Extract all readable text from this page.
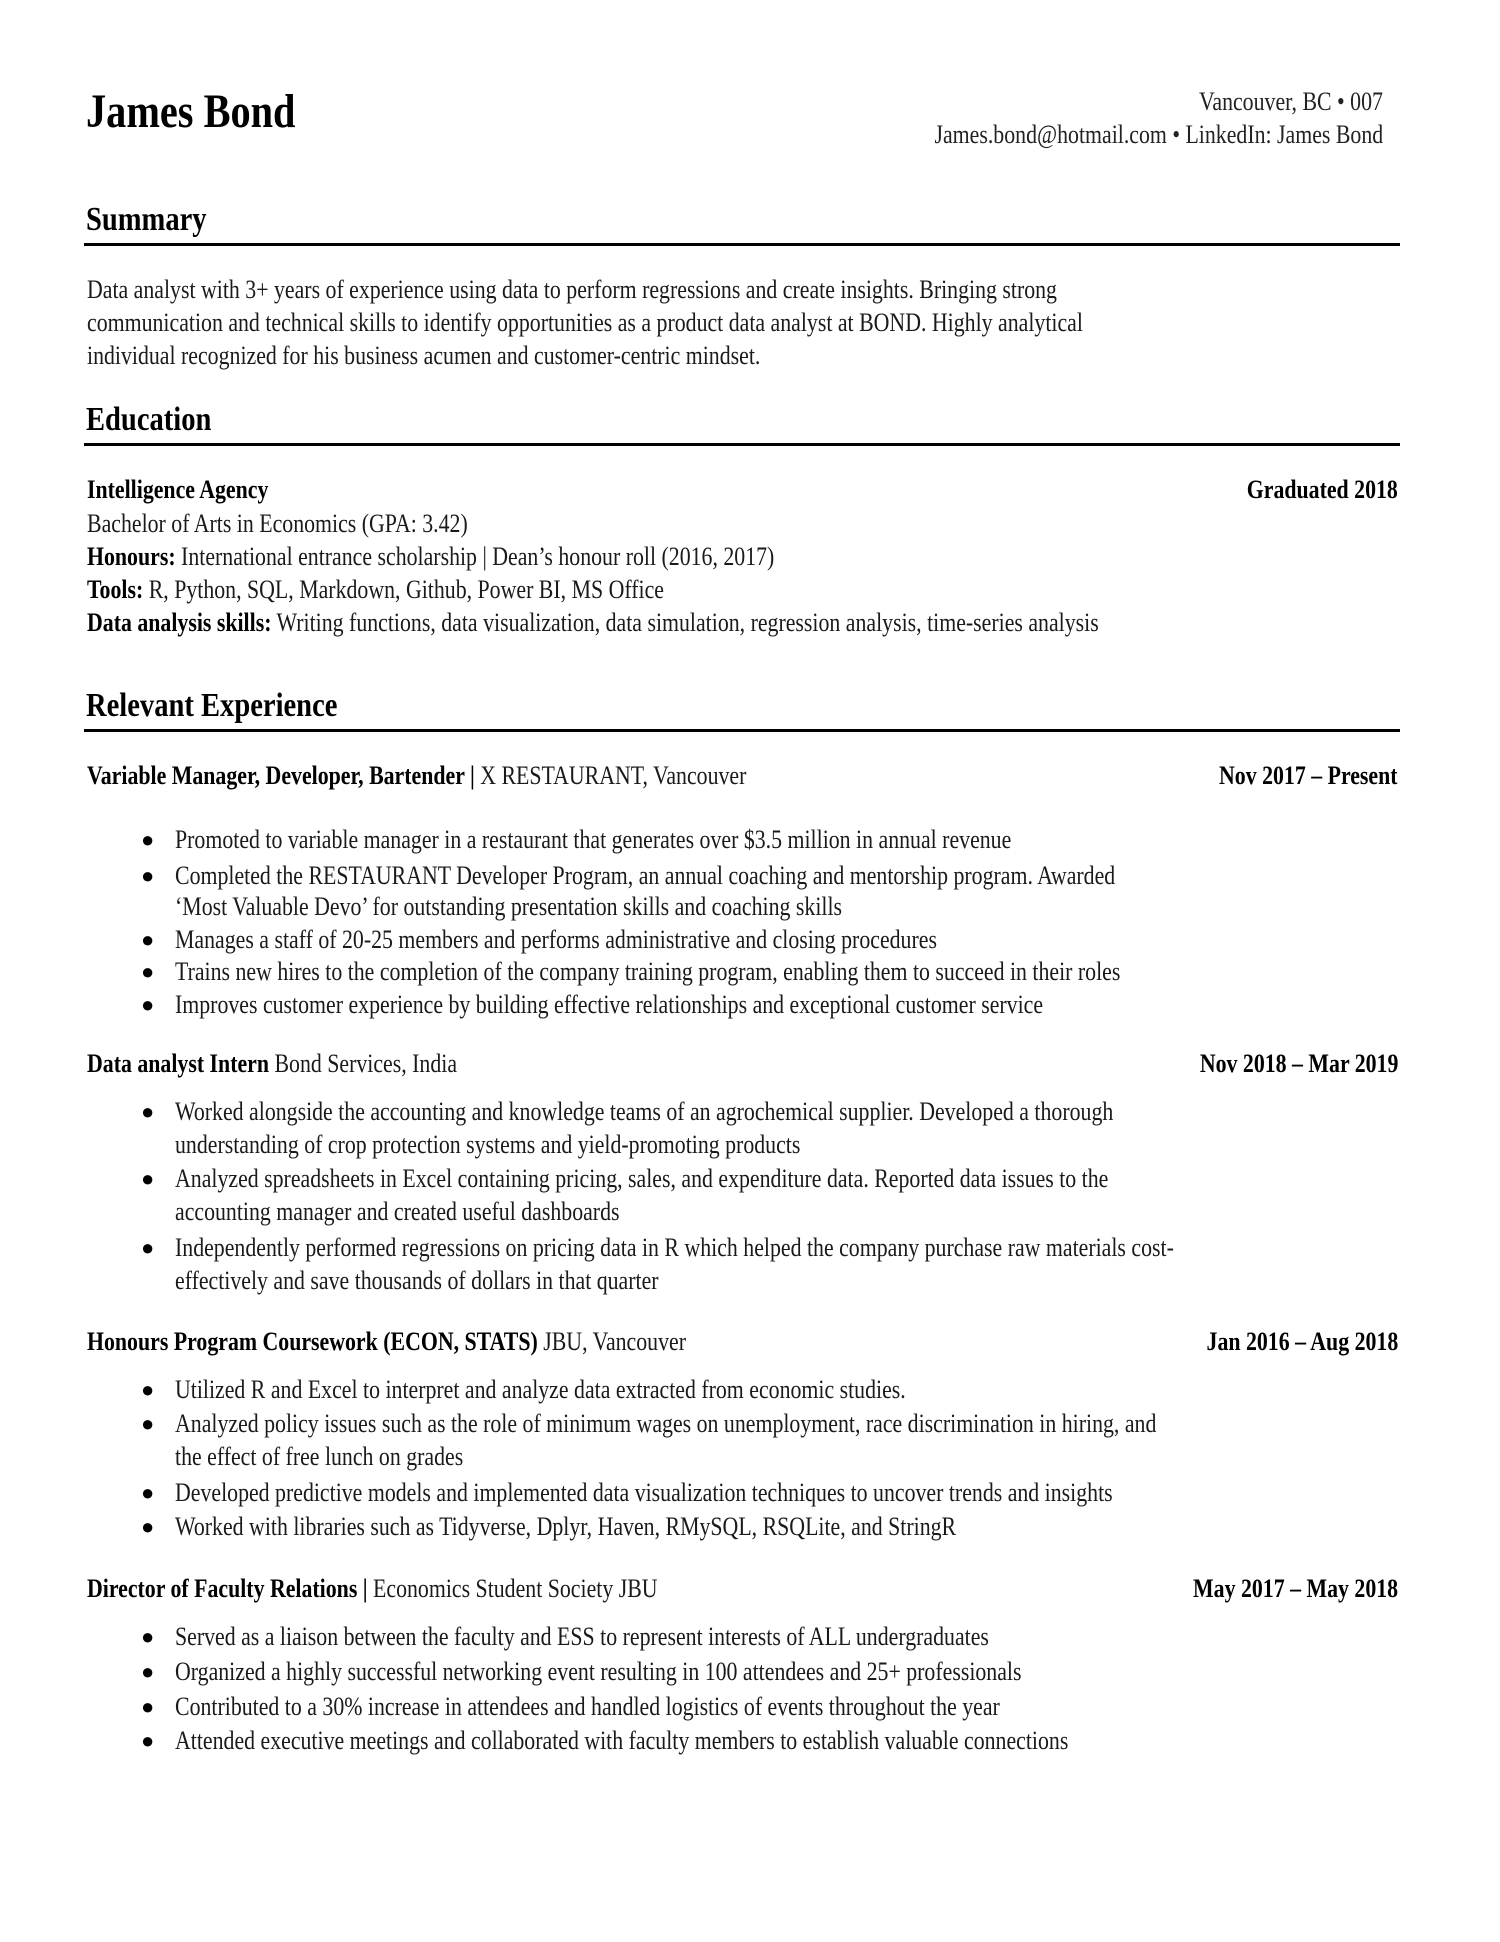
James Bond	Vancouver, BC • 007
James.bond@hotmail.com • LinkedIn: James Bond
Summary
Data analyst with 3+ years of experience using data to perform regressions and create insights. Bringing strong
communication and technical skills to identify opportunities as a product data analyst at BOND. Highly analytical
individual recognized for his business acumen and customer-centric mindset.
Education
Intelligence Agency	Graduated 2018
Bachelor of Arts in Economics (GPA: 3.42)
Honours: International entrance scholarship | Dean’s honour roll (2016, 2017)
Tools: R, Python, SQL, Markdown, Github, Power BI, MS Office
Data analysis skills: Writing functions, data visualization, data simulation, regression analysis, time-series analysis
Relevant Experience
Variable Manager, Developer, Bartender | X RESTAURANT, Vancouver	Nov 2017 – Present
● Promoted to variable manager in a restaurant that generates over $3.5 million in annual revenue
● Completed the RESTAURANT Developer Program, an annual coaching and mentorship program. Awarded
‘Most Valuable Devo’ for outstanding presentation skills and coaching skills
● Manages a staff of 20-25 members and performs administrative and closing procedures
● Trains new hires to the completion of the company training program, enabling them to succeed in their roles
● Improves customer experience by building effective relationships and exceptional customer service
Data analyst Intern Bond Services, India	Nov 2018 – Mar 2019
● Worked alongside the accounting and knowledge teams of an agrochemical supplier. Developed a thorough
understanding of crop protection systems and yield-promoting products
● Analyzed spreadsheets in Excel containing pricing, sales, and expenditure data. Reported data issues to the
accounting manager and created useful dashboards
● Independently performed regressions on pricing data in R which helped the company purchase raw materials cost-
effectively and save thousands of dollars in that quarter
Honours Program Coursework (ECON, STATS) JBU, Vancouver	Jan 2016 – Aug 2018
● Utilized R and Excel to interpret and analyze data extracted from economic studies.
● Analyzed policy issues such as the role of minimum wages on unemployment, race discrimination in hiring, and
the effect of free lunch on grades
● Developed predictive models and implemented data visualization techniques to uncover trends and insights
● Worked with libraries such as Tidyverse, Dplyr, Haven, RMySQL, RSQLite, and StringR
Director of Faculty Relations | Economics Student Society JBU	May 2017 – May 2018
● Served as a liaison between the faculty and ESS to represent interests of ALL undergraduates
● Organized a highly successful networking event resulting in 100 attendees and 25+ professionals
● Contributed to a 30% increase in attendees and handled logistics of events throughout the year
● Attended executive meetings and collaborated with faculty members to establish valuable connections
